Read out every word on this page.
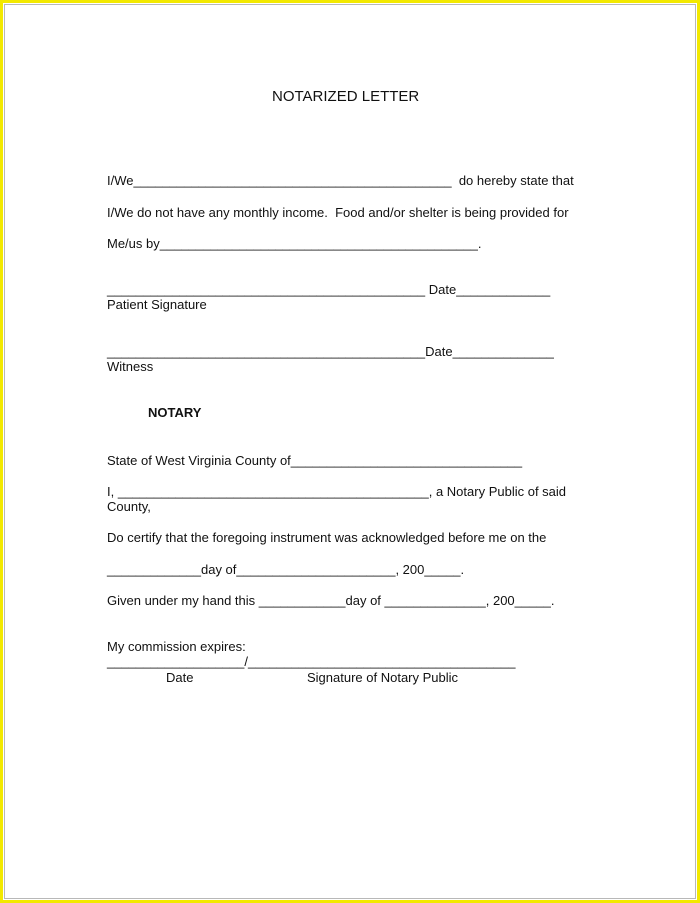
NOTARIZED LETTER
I/We____________________________________________  do hereby state that
I/We do not have any monthly income.  Food and/or shelter is being provided for
Me/us by____________________________________________.
____________________________________________ Date_____________
Patient Signature
____________________________________________Date______________
Witness
NOTARY
State of West Virginia County of________________________________
I, ___________________________________________, a Notary Public of said
County,
Do certify that the foregoing instrument was acknowledged before me on the
_____________day of______________________, 200_____.
Given under my hand this ____________day of ______________, 200_____.
My commission expires:
___________________/_____________________________________
Date	Signature of Notary Public
